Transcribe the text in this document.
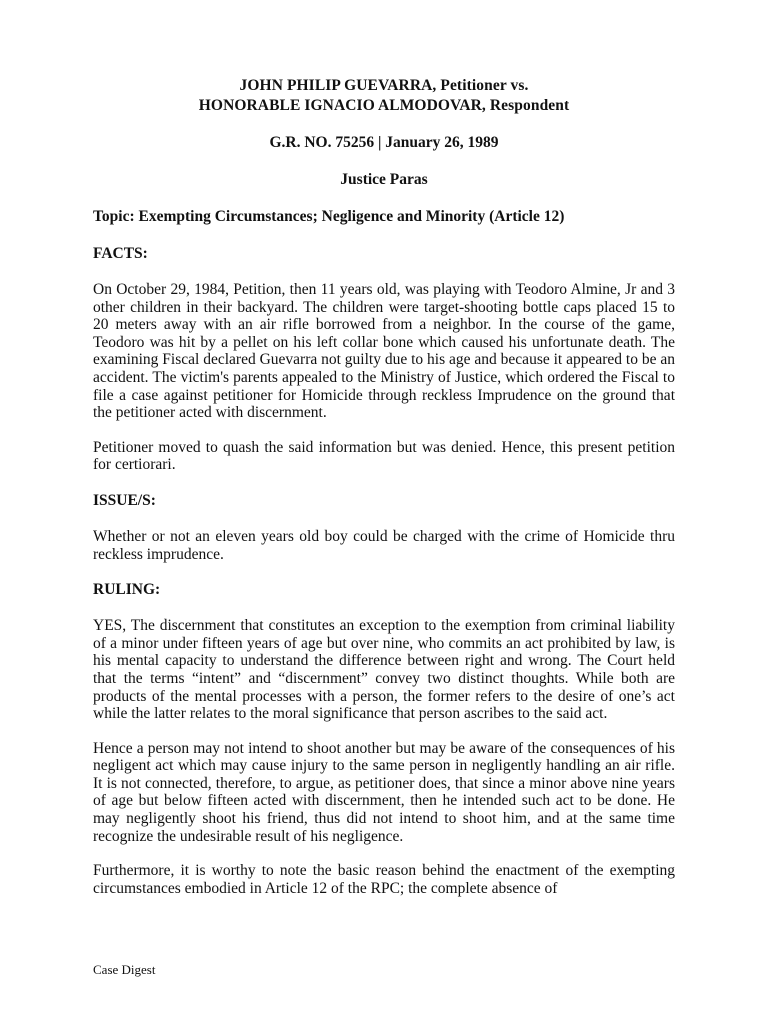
JOHN PHILIP GUEVARRA, Petitioner vs.
HONORABLE IGNACIO ALMODOVAR, Respondent
G.R. NO. 75256 | January 26, 1989
Justice Paras
Topic: Exempting Circumstances; Negligence and Minority (Article 12)
FACTS:

On October 29, 1984, Petition, then 11 years old, was playing with Teodoro Almine, Jr and 3 other children in their backyard. The children were target-shooting bottle caps placed 15 to 20 meters away with an air rifle borrowed from a neighbor. In the course of the game, Teodoro was hit by a pellet on his left collar bone which caused his unfortunate death. The examining Fiscal declared Guevarra not guilty due to his age and because it appeared to be an accident. The victim's parents appealed to the Ministry of Justice, which ordered the Fiscal to file a case against petitioner for Homicide through reckless Imprudence on the ground that the petitioner acted with discernment.

Petitioner moved to quash the said information but was denied. Hence, this present petition for certiorari.

ISSUE/S:

Whether or not an eleven years old boy could be charged with the crime of Homicide thru reckless imprudence.

RULING:

YES, The discernment that constitutes an exception to the exemption from criminal liability of a minor under fifteen years of age but over nine, who commits an act prohibited by law, is his mental capacity to understand the difference between right and wrong. The Court held that the terms “intent” and “discernment” convey two distinct thoughts. While both are products of the mental processes with a person, the former refers to the desire of one’s act while the latter relates to the moral significance that person ascribes to the said act.

Hence a person may not intend to shoot another but may be aware of the consequences of his negligent act which may cause injury to the same person in negligently handling an air rifle. It is not connected, therefore, to argue, as petitioner does, that since a minor above nine years of age but below fifteen acted with discernment, then he intended such act to be done. He may negligently shoot his friend, thus did not intend to shoot him, and at the same time recognize the undesirable result of his negligence.

Furthermore, it is worthy to note the basic reason behind the enactment of the exempting circumstances embodied in Article 12 of the RPC; the complete absence of

Case Digest
